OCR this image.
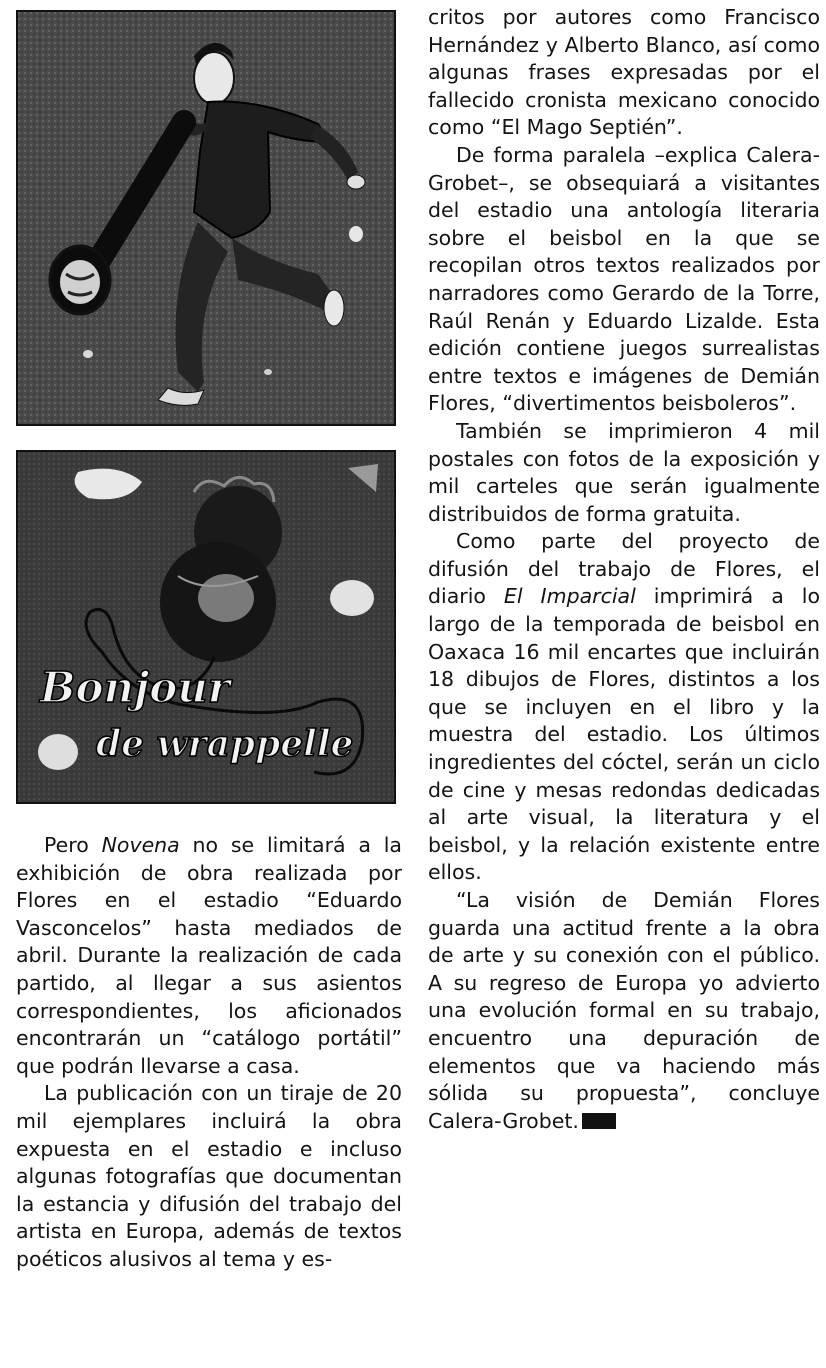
Bonjour
de wrappelle

Pero Novena no se limitará a la exhibición de obra realizada por Flores en el estadio “Eduardo Vasconcelos” hasta mediados de abril. Durante la realización de cada partido, al llegar a sus asientos correspondientes, los aficionados encontrarán un “catálogo portátil” que podrán llevarse a casa.

La publicación con un tiraje de 20 mil ejemplares incluirá la obra expuesta en el estadio e incluso algunas fotografías que documentan la estancia y difusión del trabajo del artista en Europa, además de textos poéticos alusivos al tema y es-

critos por autores como Francisco Hernández y Alberto Blanco, así como algunas frases expresadas por el fallecido cronista mexicano conocido como “El Mago Septién”.

De forma paralela –explica Calera-Grobet–, se obsequiará a visitantes del estadio una antología literaria sobre el beisbol en la que se recopilan otros textos realizados por narradores como Gerardo de la Torre, Raúl Renán y Eduardo Lizalde. Esta edición contiene juegos surrealistas entre textos e imágenes de Demián Flores, “divertimentos beisboleros”.

También se imprimieron 4 mil postales con fotos de la exposición y mil carteles que serán igualmente distribuidos de forma gratuita.

Como parte del proyecto de difusión del trabajo de Flores, el diario El Imparcial imprimirá a lo largo de la temporada de beisbol en Oaxaca 16 mil encartes que incluirán 18 dibujos de Flores, distintos a los que se incluyen en el libro y la muestra del estadio. Los últimos ingredientes del cóctel, serán un ciclo de cine y mesas redondas dedicadas al arte visual, la literatura y el beisbol, y la relación existente entre ellos.

“La visión de Demián Flores guarda una actitud frente a la obra de arte y su conexión con el público. A su regreso de Europa yo advierto una evolución formal en su trabajo, encuentro una depuración de elementos que va haciendo más sólida su propuesta”, concluye Calera-Grobet.
